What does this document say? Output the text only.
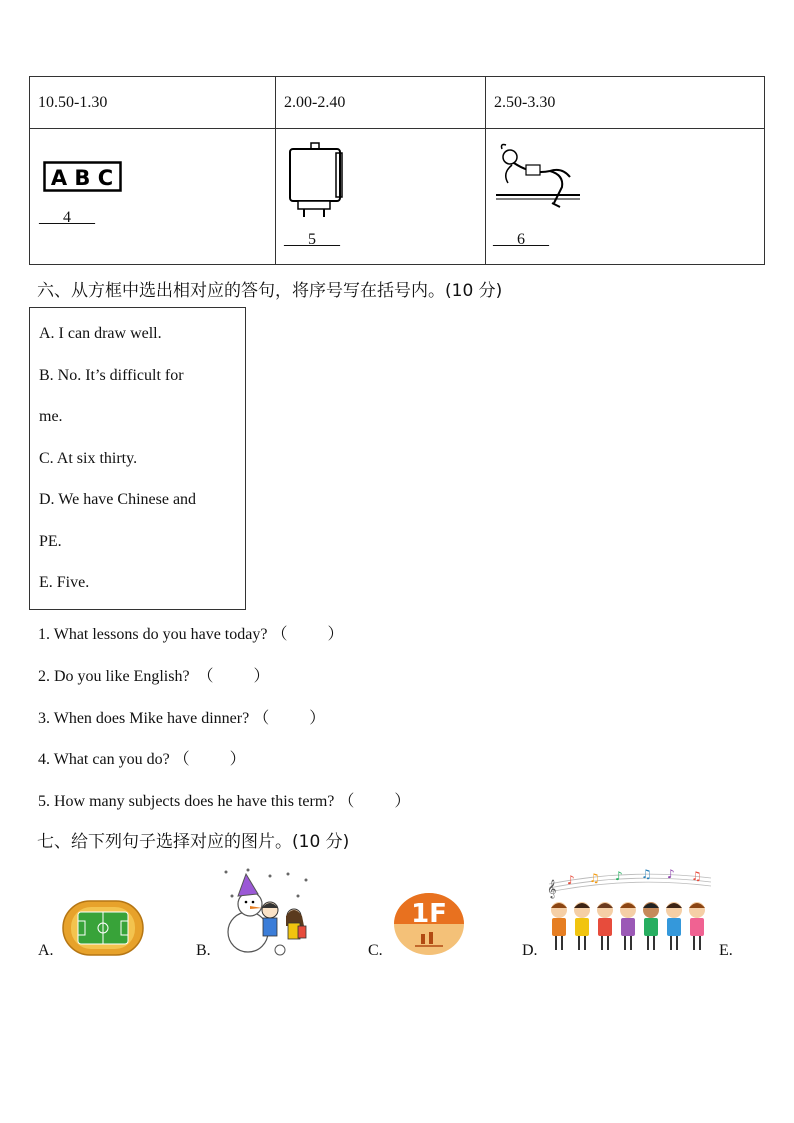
10.50-1.30	2.00-2.40	2.50-3.30

A B C
___4___	___5___	___6___
六、从方框中选出相对应的答句，将序号写在括号内。(10 分)
A. I can draw well.
B. No. It’s difficult for
me.
C. At six thirty.
D. We have Chinese and
PE.
E. Five.
1. What lessons do you have today? （          ）
2. Do you like English?  （          ）
3. When does Mike have dinner? （          ）
4. What can you do? （          ）
5. How many subjects does he have this term? （          ）
七、给下列句子选择对应的图片。(10 分)
A.	B.	C.
1F
D.
𝄞 ♪ ♫ ♪ ♫ ♪ ♫
E.
